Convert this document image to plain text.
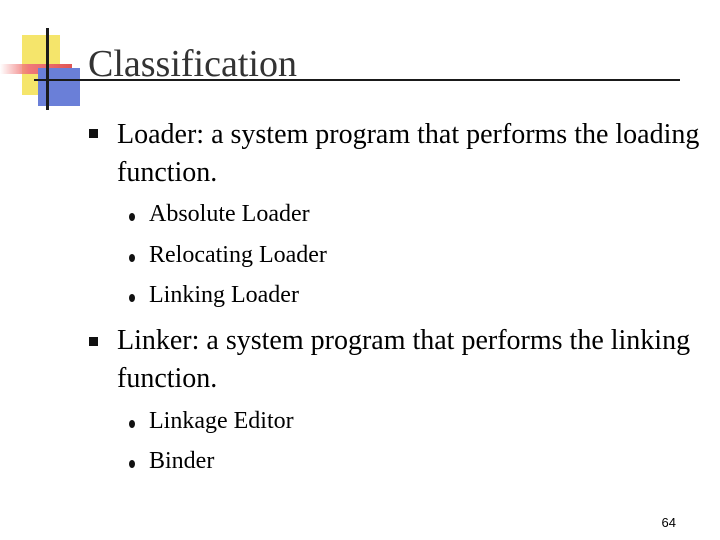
Classification
Loader: a system program that performs the loading function.
Absolute Loader
Relocating Loader
Linking Loader
Linker: a system program that performs the linking function.
Linkage Editor
Binder
64
